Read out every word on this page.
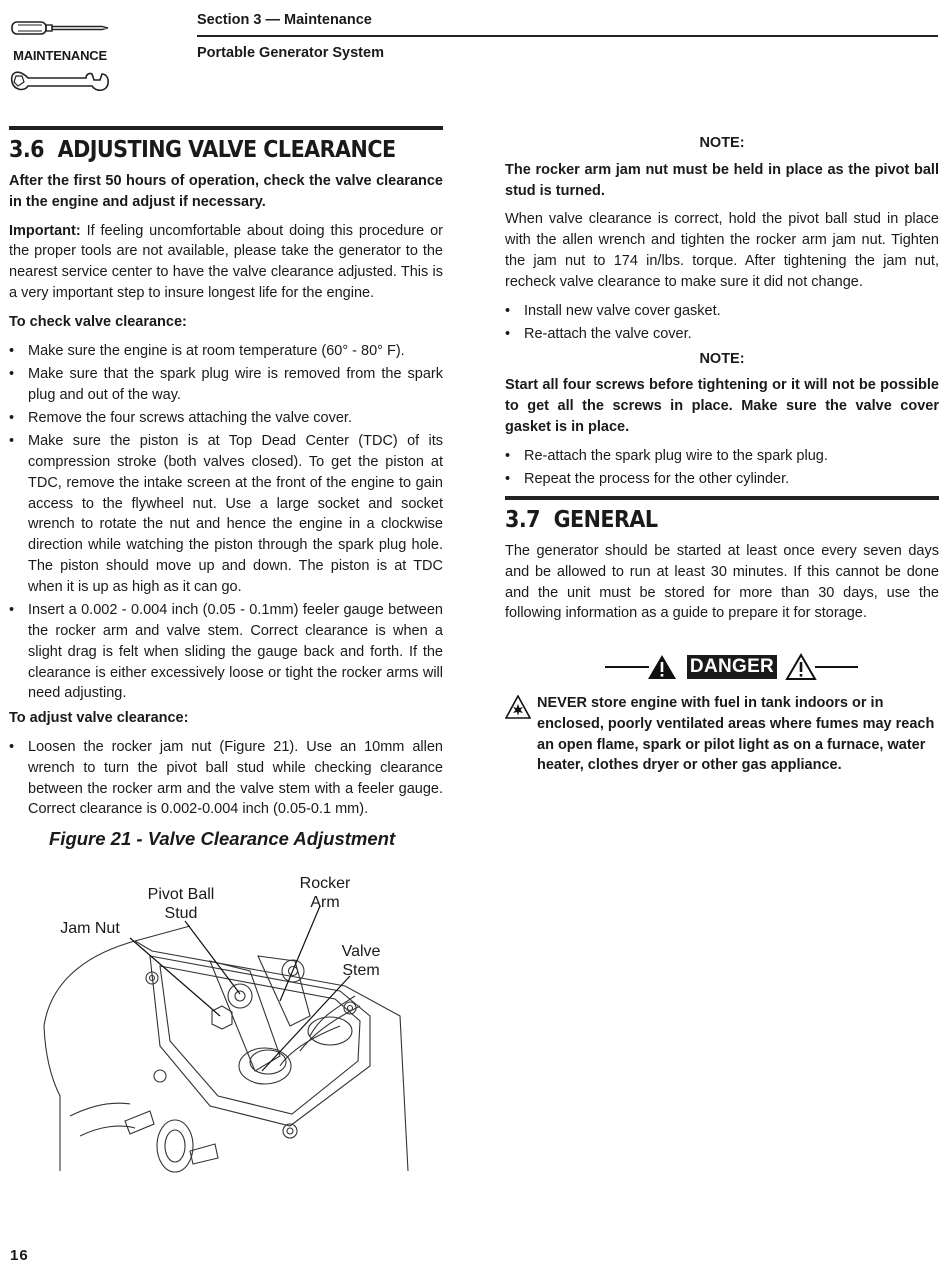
MAINTENANCE
Section 3 — Maintenance
Portable Generator System
3.6 ADJUSTING VALVE CLEARANCE

After the first 50 hours of operation, check the valve clearance in the engine and adjust if necessary.

Important: If feeling uncomfortable about doing this procedure or the proper tools are not available, please take the generator to the nearest service center to have the valve clearance adjusted. This is a very important step to insure longest life for the engine.

To check valve clearance:
• Make sure the engine is at room temperature (60° - 80° F).
• Make sure that the spark plug wire is removed from the spark plug and out of the way.
• Remove the four screws attaching the valve cover.
• Make sure the piston is at Top Dead Center (TDC) of its compression stroke (both valves closed). To get the piston at TDC, remove the intake screen at the front of the engine to gain access to the flywheel nut. Use a large socket and socket wrench to rotate the nut and hence the engine in a clockwise direction while watching the piston through the spark plug hole. The piston should move up and down. The piston is at TDC when it is up as high as it can go.
• Insert a 0.002 - 0.004 inch (0.05 - 0.1mm) feeler gauge between the rocker arm and valve stem. Correct clearance is when a slight drag is felt when sliding the gauge back and forth. If the clearance is either excessively loose or tight the rocker arms will need adjusting.
To adjust valve clearance:
• Loosen the rocker jam nut (Figure 21). Use an 10mm allen wrench to turn the pivot ball stud while checking clearance between the rocker arm and the valve stem with a feeler gauge. Correct clearance is 0.002-0.004 inch (0.05-0.1 mm).
Figure 21 - Valve Clearance Adjustment
Jam Nut
Pivot Ball
Stud
Rocker
Arm
Valve
Stem
NOTE:

The rocker arm jam nut must be held in place as the pivot ball stud is turned.

When valve clearance is correct, hold the pivot ball stud in place with the allen wrench and tighten the rocker arm jam nut. Tighten the jam nut to 174 in/lbs. torque. After tightening the jam nut, recheck valve clearance to make sure it did not change.

• Install new valve cover gasket.
• Re-attach the valve cover.
NOTE:

Start all four screws before tightening or it will not be possible to get all the screws in place. Make sure the valve cover gasket is in place.

• Re-attach the spark plug wire to the spark plug.
• Repeat the process for the other cylinder.
3.7 GENERAL

The generator should be started at least once every seven days and be allowed to run at least 30 minutes. If this cannot be done and the unit must be stored for more than 30 days, use the following information as a guide to prepare it for storage.

DANGER
NEVER store engine with fuel in tank indoors or in enclosed, poorly ventilated areas where fumes may reach an open flame, spark or pilot light as on a furnace, water heater, clothes dryer or other gas appliance.
16
